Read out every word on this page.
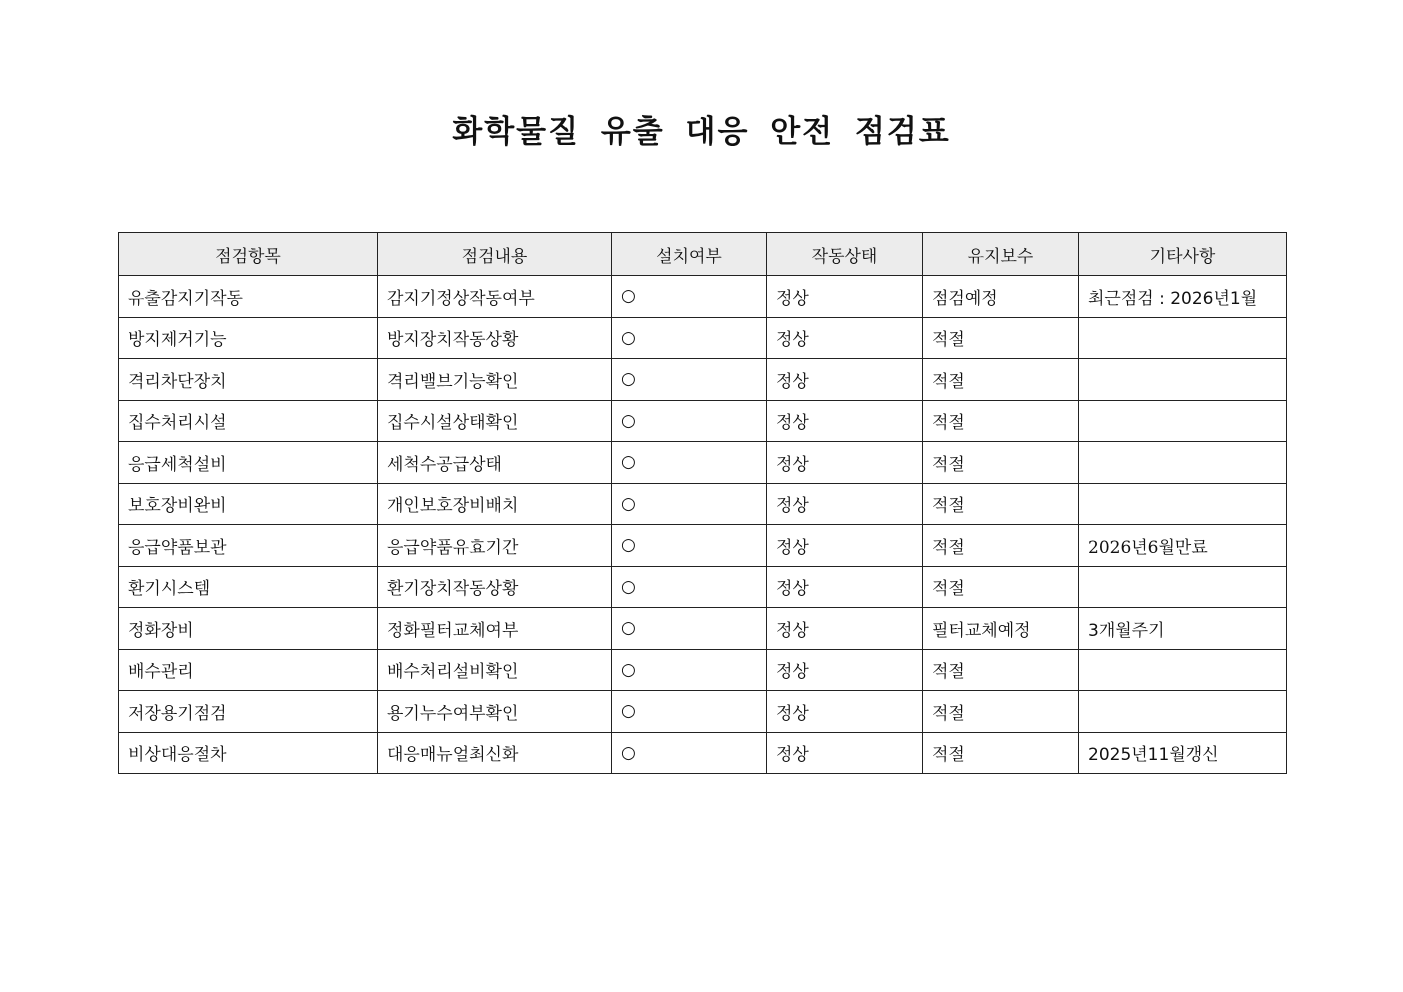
화학물질 유출 대응 안전 점검표
점검항목	점검내용	설치여부	작동상태	유지보수	기타사항
유출감지기작동	감지기정상작동여부	○	정상	점검예정	최근점검 : 2026년1월
방지제거기능	방지장치작동상황	○	정상	적절	
격리차단장치	격리밸브기능확인	○	정상	적절	
집수처리시설	집수시설상태확인	○	정상	적절	
응급세척설비	세척수공급상태	○	정상	적절	
보호장비완비	개인보호장비배치	○	정상	적절	
응급약품보관	응급약품유효기간	○	정상	적절	2026년6월만료
환기시스템	환기장치작동상황	○	정상	적절	
정화장비	정화필터교체여부	○	정상	필터교체예정	3개월주기
배수관리	배수처리설비확인	○	정상	적절	
저장용기점검	용기누수여부확인	○	정상	적절	
비상대응절차	대응매뉴얼최신화	○	정상	적절	2025년11월갱신
